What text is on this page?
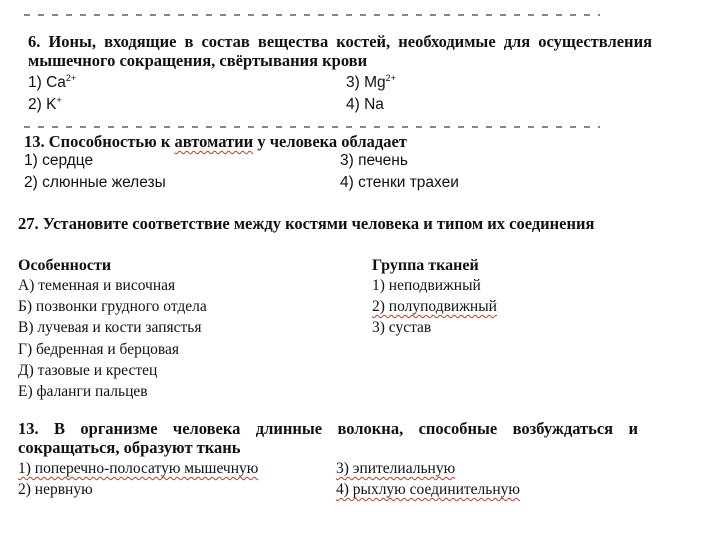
6. Ионы, входящие в состав вещества костей, необходимые для осуществления мышечного сокращения, свёртывания крови

1) $Ca^{2+}$
2) K+
3) $Mg^{2+}$
4) Na
13. Способностью к автоматии у человека обладает
1) сердце
2) слюнные железы
3) печень
4) стенки трахеи

27. Установите соответствие между костями человека и типом их соединения

Особенности	Группа тканей
А) теменная и височная
Б) позвонки грудного отдела
В) лучевая и кости запястья
Г) бедренная и берцовая
Д) тазовые и крестец
Е) фаланги пальцев
1) неподвижный
2) полуподвижный
3) сустав

13. В организме человека длинные волокна, способные возбуждаться и сокращаться, образуют ткань

1) поперечно-полосатую мышечную
2) нервную
3) эпителиальную
4) рыхлую соединительную
